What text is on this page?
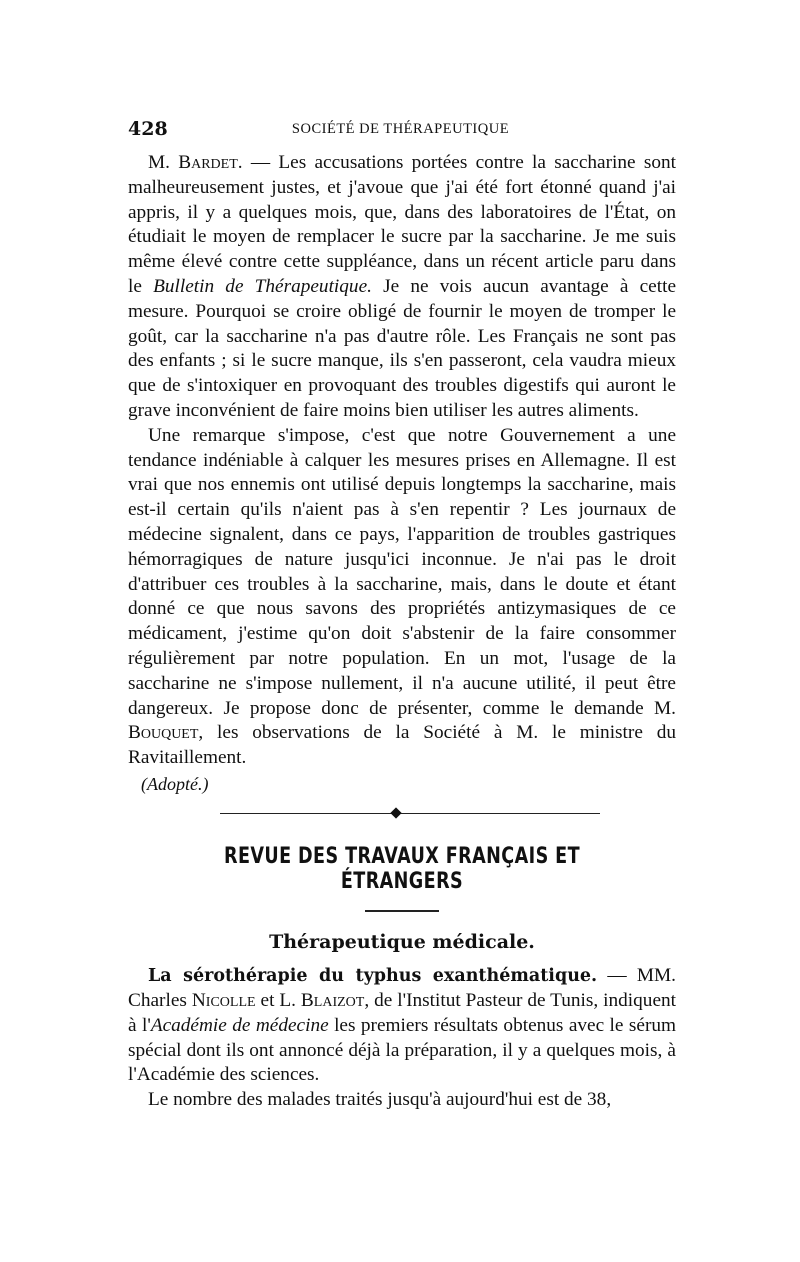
428	SOCIÉTÉ DE THÉRAPEUTIQUE

M. Bardet. — Les accusations portées contre la saccharine sont malheureusement justes, et j'avoue que j'ai été fort étonné quand j'ai appris, il y a quelques mois, que, dans des laboratoires de l'État, on étudiait le moyen de remplacer le sucre par la saccharine. Je me suis même élevé contre cette suppléance, dans un récent article paru dans le Bulletin de Thérapeutique. Je ne vois aucun avantage à cette mesure. Pourquoi se croire obligé de fournir le moyen de tromper le goût, car la saccharine n'a pas d'autre rôle. Les Français ne sont pas des enfants ; si le sucre manque, ils s'en passeront, cela vaudra mieux que de s'intoxiquer en provoquant des troubles digestifs qui auront le grave inconvénient de faire moins bien utiliser les autres aliments.

Une remarque s'impose, c'est que notre Gouvernement a une tendance indéniable à calquer les mesures prises en Allemagne. Il est vrai que nos ennemis ont utilisé depuis longtemps la saccharine, mais est-il certain qu'ils n'aient pas à s'en repentir ? Les journaux de médecine signalent, dans ce pays, l'apparition de troubles gastriques hémorragiques de nature jusqu'ici inconnue. Je n'ai pas le droit d'attribuer ces troubles à la saccharine, mais, dans le doute et étant donné ce que nous savons des propriétés antizymasiques de ce médicament, j'estime qu'on doit s'abstenir de la faire consommer régulièrement par notre population. En un mot, l'usage de la saccharine ne s'impose nullement, il n'a aucune utilité, il peut être dangereux. Je propose donc de présenter, comme le demande M. Bouquet, les observations de la Société à M. le ministre du Ravitaillement.

(Adopté.)

REVUE DES TRAVAUX FRANÇAIS ET ÉTRANGERS
Thérapeutique médicale.

La sérothérapie du typhus exanthématique. — MM. Charles Nicolle et L. Blaizot, de l'Institut Pasteur de Tunis, indiquent à l'Académie de médecine les premiers résultats obtenus avec le sérum spécial dont ils ont annoncé déjà la préparation, il y a quelques mois, à l'Académie des sciences.

Le nombre des malades traités jusqu'à aujourd'hui est de 38,
